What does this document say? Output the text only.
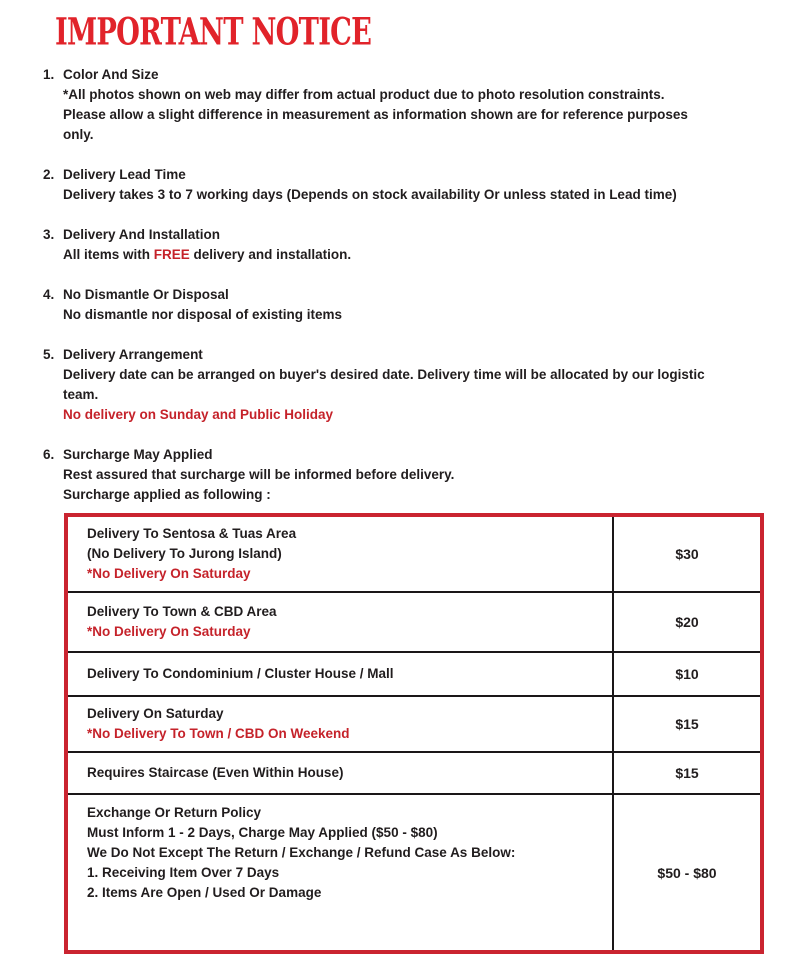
IMPORTANT NOTICE
1. Color And Size
*All photos shown on web may differ from actual product due to photo resolution constraints.
Please allow a slight difference in measurement as information shown are for reference purposes
only.
2. Delivery Lead Time
Delivery takes 3 to 7 working days (Depends on stock availability Or unless stated in Lead time)
3. Delivery And Installation
All items with FREE delivery and installation.
4. No Dismantle Or Disposal
No dismantle nor disposal of existing items
5. Delivery Arrangement
Delivery date can be arranged on buyer's desired date. Delivery time will be allocated by our logistic
team.
No delivery on Sunday and Public Holiday
6. Surcharge May Applied
Rest assured that surcharge will be informed before delivery.
Surcharge applied as following :
Delivery To Sentosa & Tuas Area
(No Delivery To Jurong Island)
*No Delivery On Saturday	$30

Delivery To Town & CBD Area
*No Delivery On Saturday	$20

Delivery To Condominium / Cluster House / Mall	$10

Delivery On Saturday
*No Delivery To Town / CBD On Weekend	$15

Requires Staircase (Even Within House)	$15

Exchange Or Return Policy
Must Inform 1 - 2 Days, Charge May Applied ($50 - $80)
We Do Not Except The Return / Exchange / Refund Case As Below:
1. Receiving Item Over 7 Days
2. Items Are Open / Used Or Damage	$50 - $80
